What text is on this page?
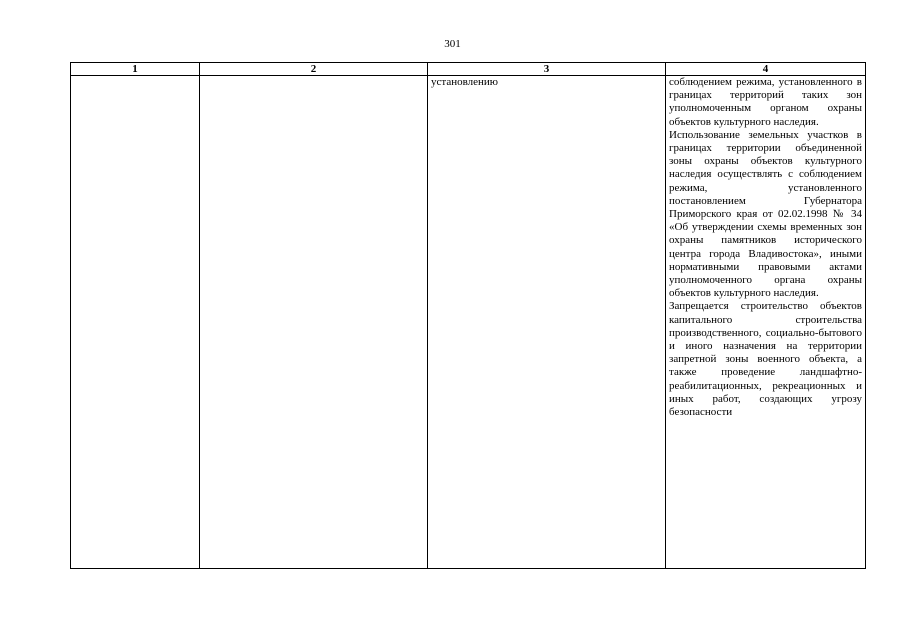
301
1	2	3	4
		установлению	соблюдением режима, установленного в границах территорий таких зон уполномоченным органом охраны объектов культурного наследия.

Использование земельных участков в границах территории объединенной зоны охраны объектов культурного наследия осуществлять с соблюдением режима, установленного постановлением Губернатора Приморского края от 02.02.1998 № 34 «Об утверждении схемы временных зон охраны памятников исторического центра города Владивостока», иными нормативными правовыми актами уполномоченного органа охраны объектов культурного наследия.

Запрещается строительство объектов капитального строительства производственного, социально-бытового и иного назначения на территории запретной зоны военного объекта, а также проведение ландшафтно-реабилитационных, рекреационных и иных работ, создающих угрозу безопасности
